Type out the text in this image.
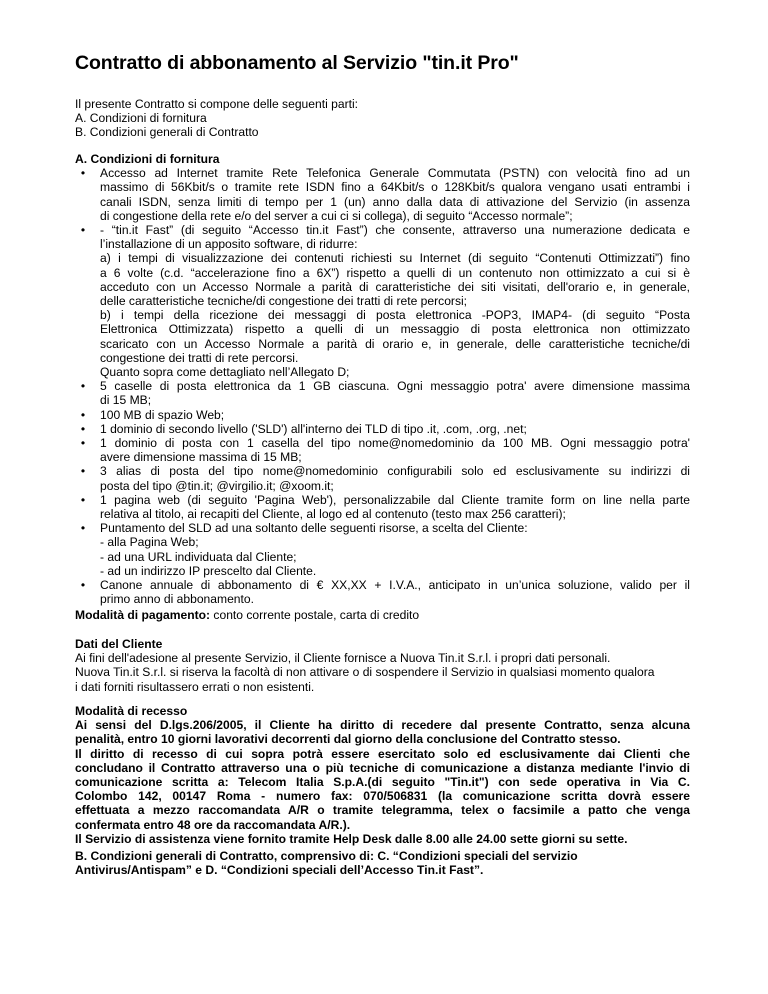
Contratto di abbonamento al Servizio "tin.it Pro"
Il presente Contratto si compone delle seguenti parti:
A. Condizioni di fornitura
B. Condizioni generali di Contratto
A. Condizioni di fornitura
• Accesso ad Internet tramite Rete Telefonica Generale Commutata (PSTN) con velocità fino ad un
massimo di 56Kbit/s o tramite rete ISDN fino a 64Kbit/s o 128Kbit/s qualora vengano usati entrambi i
canali ISDN, senza limiti di tempo per 1 (un) anno dalla data di attivazione del Servizio (in assenza
di congestione della rete e/o del server a cui ci si collega), di seguito “Accesso normale”;
• - “tin.it Fast” (di seguito “Accesso tin.it Fast”) che consente, attraverso una numerazione dedicata e
l’installazione di un apposito software, di ridurre:
a) i tempi di visualizzazione dei contenuti richiesti su Internet (di seguito “Contenuti Ottimizzati”) fino
a 6 volte (c.d. “accelerazione fino a 6X”) rispetto a quelli di un contenuto non ottimizzato a cui si è
acceduto con un Accesso Normale a parità di caratteristiche dei siti visitati, dell'orario e, in generale,
delle caratteristiche tecniche/di congestione dei tratti di rete percorsi;
b) i tempi della ricezione dei messaggi di posta elettronica -POP3, IMAP4- (di seguito “Posta
Elettronica Ottimizzata) rispetto a quelli di un messaggio di posta elettronica non ottimizzato
scaricato con un Accesso Normale a parità di orario e, in generale, delle caratteristiche tecniche/di
congestione dei tratti di rete percorsi.
Quanto sopra come dettagliato nell’Allegato D;
• 5 caselle di posta elettronica da 1 GB ciascuna. Ogni messaggio potra' avere dimensione massima
di 15 MB;
• 100 MB di spazio Web;
• 1 dominio di secondo livello ('SLD') all'interno dei TLD di tipo .it, .com, .org, .net;
• 1 dominio di posta con 1 casella del tipo nome@nomedominio da 100 MB. Ogni messaggio potra'
avere dimensione massima di 15 MB;
• 3 alias di posta del tipo nome@nomedominio configurabili solo ed esclusivamente su indirizzi di
posta del tipo @tin.it; @virgilio.it; @xoom.it;
• 1 pagina web (di seguito 'Pagina Web'), personalizzabile dal Cliente tramite form on line nella parte
relativa al titolo, ai recapiti del Cliente, al logo ed al contenuto (testo max 256 caratteri);
• Puntamento del SLD ad una soltanto delle seguenti risorse, a scelta del Cliente:
- alla Pagina Web;
- ad una URL individuata dal Cliente;
- ad un indirizzo IP prescelto dal Cliente.
• Canone annuale di abbonamento di € XX,XX + I.V.A., anticipato in un’unica soluzione, valido per il
primo anno di abbonamento.
Modalità di pagamento: conto corrente postale, carta di credito
Dati del Cliente
Ai fini dell'adesione al presente Servizio, il Cliente fornisce a Nuova Tin.it S.r.l. i propri dati personali.
Nuova Tin.it S.r.l. si riserva la facoltà di non attivare o di sospendere il Servizio in qualsiasi momento qualora
i dati forniti risultassero errati o non esistenti.
Modalità di recesso
Ai sensi del D.lgs.206/2005, il Cliente ha diritto di recedere dal presente Contratto, senza alcuna
penalità, entro 10 giorni lavorativi decorrenti dal giorno della conclusione del Contratto stesso.
Il diritto di recesso di cui sopra potrà essere esercitato solo ed esclusivamente dai Clienti che
concludano il Contratto attraverso una o più tecniche di comunicazione a distanza mediante l'invio di
comunicazione scritta a: Telecom Italia S.p.A.(di seguito "Tin.it") con sede operativa in Via C.
Colombo 142, 00147 Roma - numero fax: 070/506831 (la comunicazione scritta dovrà essere
effettuata a mezzo raccomandata A/R o tramite telegramma, telex o facsimile a patto che venga
confermata entro 48 ore da raccomandata A/R.).
Il Servizio di assistenza viene fornito tramite Help Desk dalle 8.00 alle 24.00 sette giorni su sette.
B. Condizioni generali di Contratto, comprensivo di: C. “Condizioni speciali del servizio
Antivirus/Antispam” e D. “Condizioni speciali dell’Accesso Tin.it Fast”.
